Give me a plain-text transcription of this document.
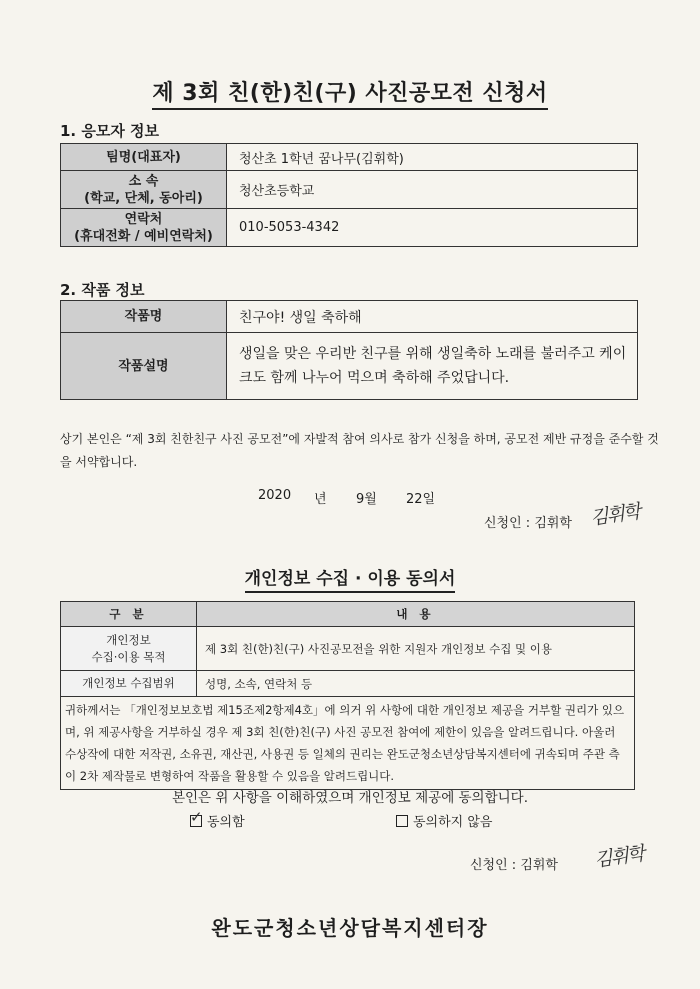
제 3회 친(한)친(구) 사진공모전 신청서
1. 응모자 정보
팀명(대표자)	청산초 1학년 꿈나무(김휘학)
소 속
(학교, 단체, 동아리)	청산초등학교
연락처
(휴대전화 / 예비연락처)	010-5053-4342
2. 작품 정보
작품명	친구야! 생일 축하해
작품설명	생일을 맞은 우리반 친구를 위해 생일축하 노래를 불러주고 케이크도 함께 나누어 먹으며 축하해 주었답니다.
상기 본인은 “제 3회 친한친구 사진 공모전”에 자발적 참여 의사로 참가 신청을 하며, 공모전 제반 규정을 준수할 것을 서약합니다.
2020 년 9월 22일
신청인 : 김휘학 김휘학
개인정보 수집 · 이용 동의서
구 분	내 용
개인정보
수집·이용 목적	제 3회 친(한)친(구) 사진공모전을 위한 지원자 개인정보 수집 및 이용
개인정보 수집범위	성명, 소속, 연락처 등
귀하께서는 「개인정보보호법 제15조제2항제4호」에 의거 위 사항에 대한 개인정보 제공을 거부할 권리가 있으며, 위 제공사항을 거부하실 경우 제 3회 친(한)친(구) 사진 공모전 참여에 제한이 있음을 알려드립니다. 아울러 수상작에 대한 저작권, 소유권, 재산권, 사용권 등 일체의 권리는 완도군청소년상담복지센터에 귀속되며 주관 측이 2차 제작물로 변형하여 작품을 활용할 수 있음을 알려드립니다.	
본인은 위 사항을 이해하였으며 개인정보 제공에 동의합니다.
✓ 동의함	동의하지 않음
신청인 : 김휘학 김휘학
완도군청소년상담복지센터장
